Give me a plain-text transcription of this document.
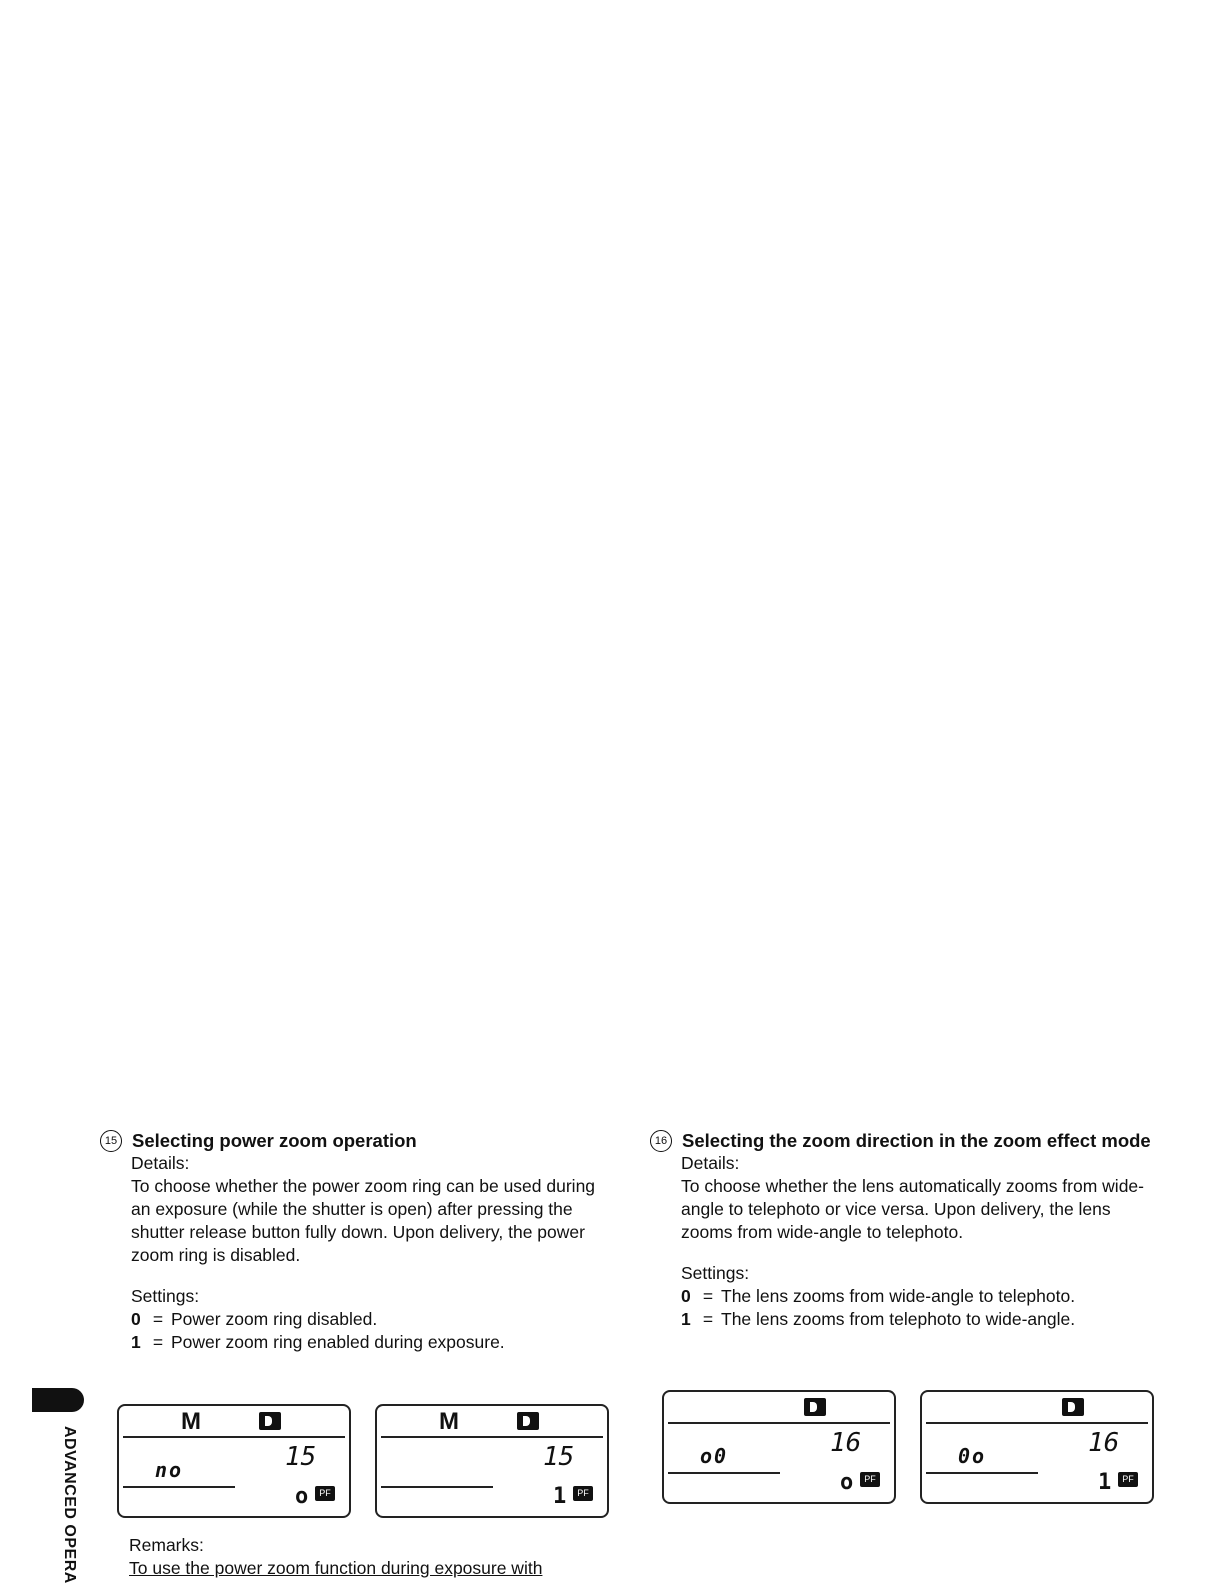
15 Selecting power zoom operation

Details:

To choose whether the power zoom ring can be used during an exposure (while the shutter is open) after pressing the shutter release button fully down. Upon delivery, the power zoom ring is disabled.

Settings:

0 = Power zoom ring disabled.
1 = Power zoom ring enabled during exposure.
M
no	15
o	PF
M
15
1	PF
Remarks:
To use the power zoom function during exposure with
16 Selecting the zoom direction in the zoom effect mode

Details:

To choose whether the lens automatically zooms from wide-angle to telephoto or vice versa. Upon delivery, the lens zooms from wide-angle to telephoto.

Settings:

0 = The lens zooms from wide-angle to telephoto.
1 = The lens zooms from telephoto to wide-angle.
o0	16
o	PF
0o	16
1	PF
ADVANCED OPERA
